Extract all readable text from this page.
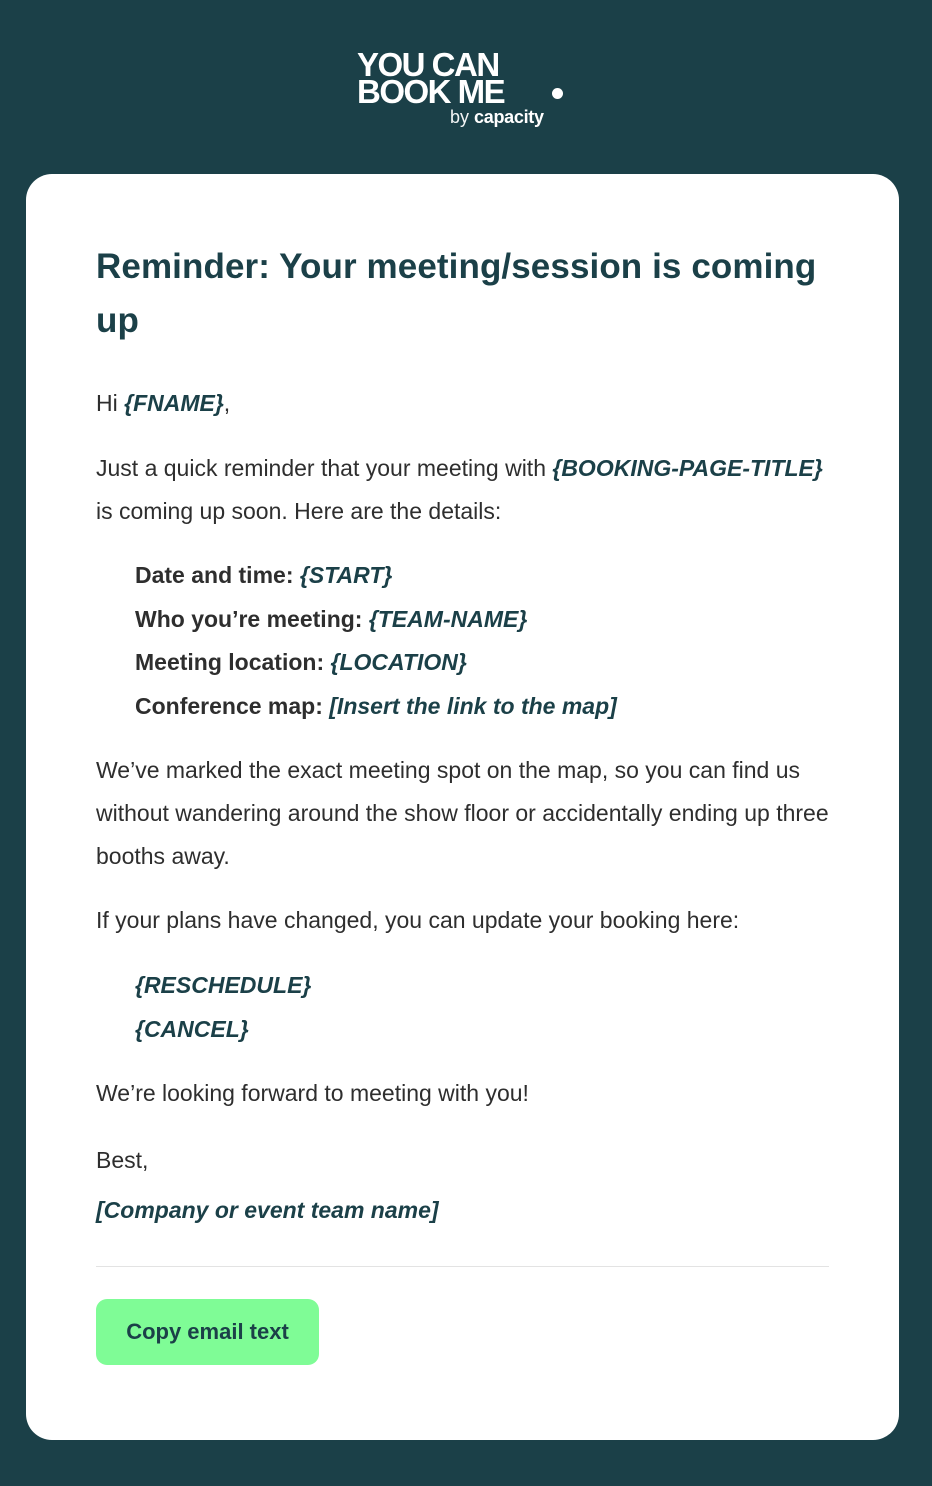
YOU CAN
BOOK ME
by capacity
Reminder: Your meeting/session is coming up

Hi {FNAME},

Just a quick reminder that your meeting with {BOOKING-PAGE-TITLE} is coming up soon. Here are the details:

Date and time: {START}
Who you’re meeting: {TEAM-NAME}
Meeting location: {LOCATION}
Conference map: [Insert the link to the map]

We’ve marked the exact meeting spot on the map, so you can find us without wandering around the show floor or accidentally ending up three booths away.

If your plans have changed, you can update your booking here:

{RESCHEDULE}
{CANCEL}

We’re looking forward to meeting with you!

Best,

[Company or event team name]

Copy email text
